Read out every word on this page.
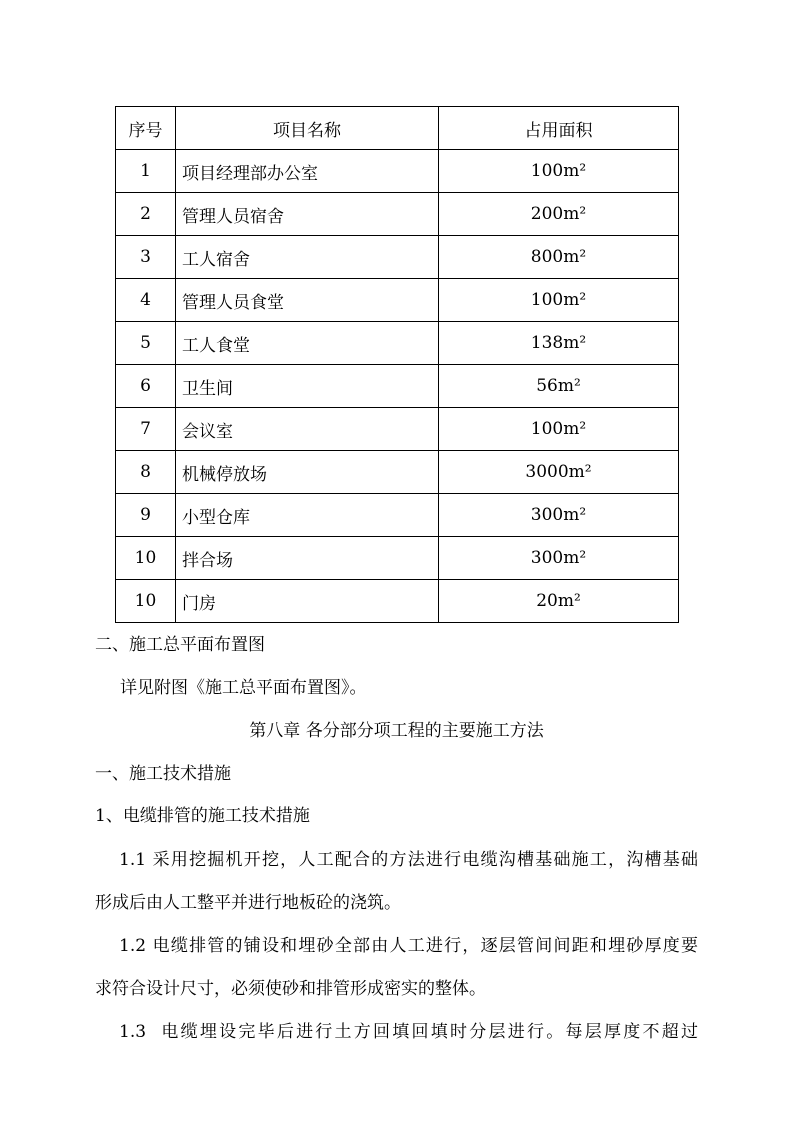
序号	项目名称	占用面积
1	项目经理部办公室	100m²
2	管理人员宿舍	200m²
3	工人宿舍	800m²
4	管理人员食堂	100m²
5	工人食堂	138m²
6	卫生间	56m²
7	会议室	100m²
8	机械停放场	3000m²
9	小型仓库	300m²
10	拌合场	300m²
10	门房	20m²
二、施工总平面布置图
详见附图《施工总平面布置图》。
第八章 各分部分项工程的主要施工方法
一、施工技术措施
1、电缆排管的施工技术措施
1.1 采用挖掘机开挖，人工配合的方法进行电缆沟槽基础施工，沟槽基础
形成后由人工整平并进行地板砼的浇筑。
1.2 电缆排管的铺设和埋砂全部由人工进行，逐层管间间距和埋砂厚度要
求符合设计尺寸，必须使砂和排管形成密实的整体。
1.3  电缆埋设完毕后进行土方回填回填时分层进行。每层厚度不超过
